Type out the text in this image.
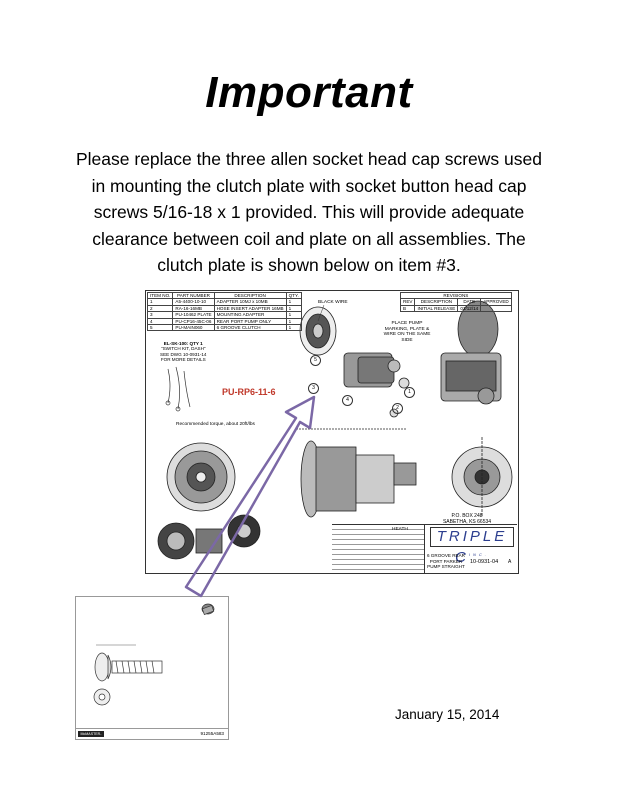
Important
Please replace the three allen socket head cap screws used
in mounting the clutch plate with socket button head cap
screws 5/16-18 x 1 provided. This will provide adequate
clearance between coil and plate on all assemblies. The
clutch plate is shown below on item #3.
ITEM NO.	PART NUMBER	DESCRIPTION	QTY.
1	A5-4400-10-10	ADAPTER 10MJ x 10MB	1
2	RA-16-16MB	HOSE INSERT ADAPTER 16MB	1
3	PU-10462 PLATE	MOUNTING ADAPTER	1
4	PU-CP16-45C-06	REAR PORT PUMP ONLY	1
5	PU-MAIN060	6 GROOVE CLUTCH	1
REVISIONS			
REV	DESCRIPTION	DATE	APPROVED
B	INITIAL RELEASE	01/12/14	
EL-SK-100: QTY 1
"SWITCH KIT, DASH"
SEE DWG 10-0931-14
FOR MORE DETAILS
PU-RP6-11-6
BLACK WIRE
PLACE PUMP
MARKING, PLATE &
WIRE ON THE SAME
SIDE
Recommended torque, about 20ft/lbs
1
2
3
4
5
P.O. BOX 248
SABETHA, KS 66534
TRIPLE $C^{INC.}$
6 GROOVE REAR
PORT PARKER
PUMP STRAIGHT
10-0931-04 A
HEATH
McMASTER-CARR
91255A583
January 15, 2014
